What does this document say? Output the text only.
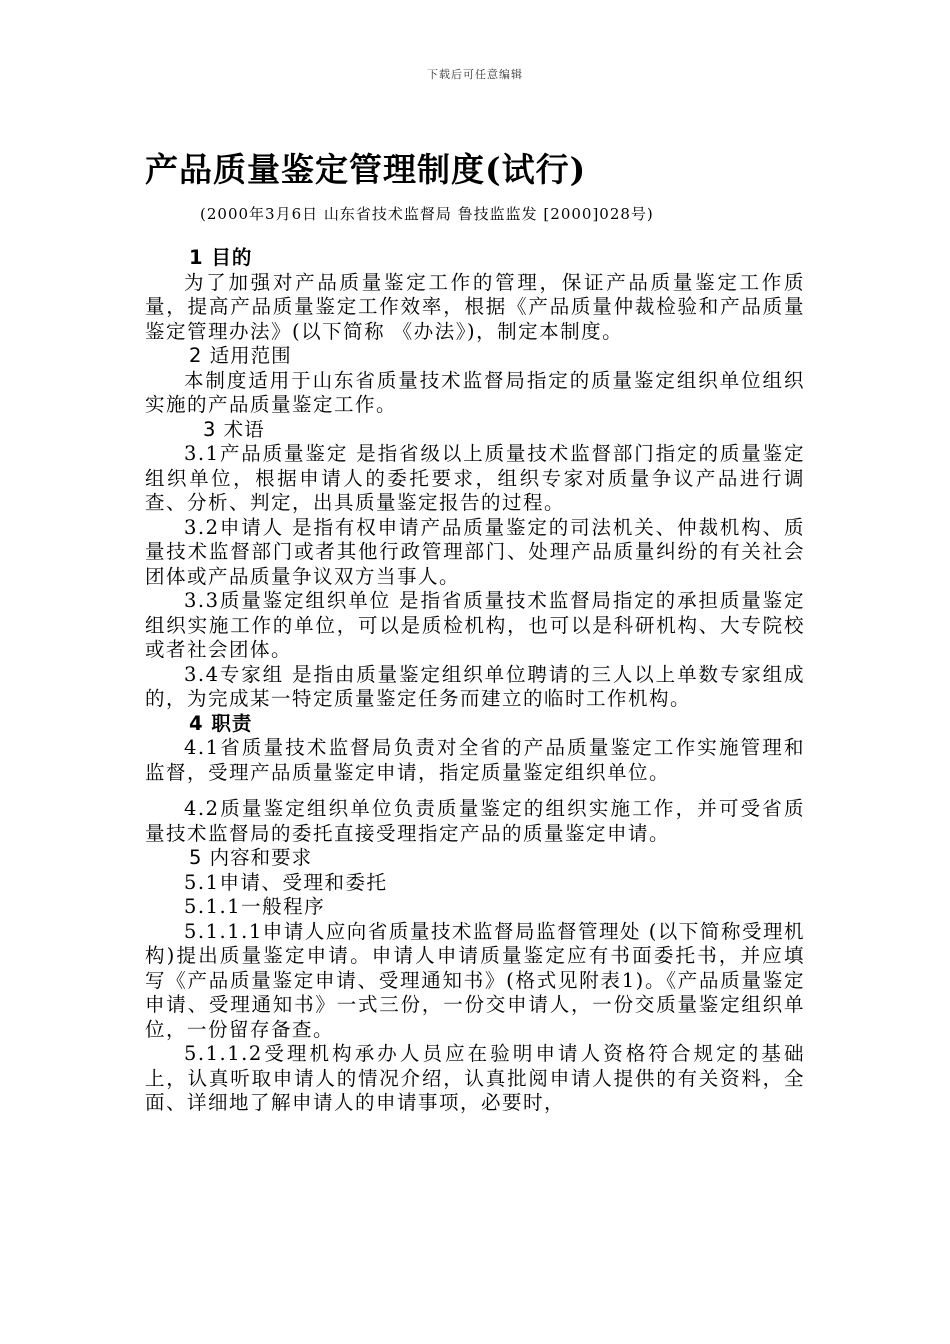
下载后可任意编辑
产品质量鉴定管理制度(试行)
(2000年3月6日 山东省技术监督局 鲁技监监发 [2000]028号)

1 目的

为了加强对产品质量鉴定工作的管理，保证产品质量鉴定工作质量，提高产品质量鉴定工作效率，根据《产品质量仲裁检验和产品质量鉴定管理办法》(以下简称 《办法》)，制定本制度。

2 适用范围

本制度适用于山东省质量技术监督局指定的质量鉴定组织单位组织实施的产品质量鉴定工作。

3 术语

3.1产品质量鉴定 是指省级以上质量技术监督部门指定的质量鉴定组织单位，根据申请人的委托要求，组织专家对质量争议产品进行调查、分析、判定，出具质量鉴定报告的过程。

3.2申请人 是指有权申请产品质量鉴定的司法机关、仲裁机构、质量技术监督部门或者其他行政管理部门、处理产品质量纠纷的有关社会团体或产品质量争议双方当事人。

3.3质量鉴定组织单位 是指省质量技术监督局指定的承担质量鉴定组织实施工作的单位，可以是质检机构，也可以是科研机构、大专院校或者社会团体。

3.4专家组 是指由质量鉴定组织单位聘请的三人以上单数专家组成的，为完成某一特定质量鉴定任务而建立的临时工作机构。

4 职责

4.1省质量技术监督局负责对全省的产品质量鉴定工作实施管理和监督，受理产品质量鉴定申请，指定质量鉴定组织单位。

4.2质量鉴定组织单位负责质量鉴定的组织实施工作，并可受省质量技术监督局的委托直接受理指定产品的质量鉴定申请。

5 内容和要求

5.1申请、受理和委托

5.1.1一般程序

5.1.1.1申请人应向省质量技术监督局监督管理处 (以下简称受理机构)提出质量鉴定申请。申请人申请质量鉴定应有书面委托书，并应填写《产品质量鉴定申请、受理通知书》(格式见附表1)。《产品质量鉴定申请、受理通知书》一式三份，一份交申请人，一份交质量鉴定组织单位，一份留存备查。

5.1.1.2受理机构承办人员应在验明申请人资格符合规定的基础上，认真听取申请人的情况介绍，认真批阅申请人提供的有关资料，全面、详细地了解申请人的申请事项，必要时，
